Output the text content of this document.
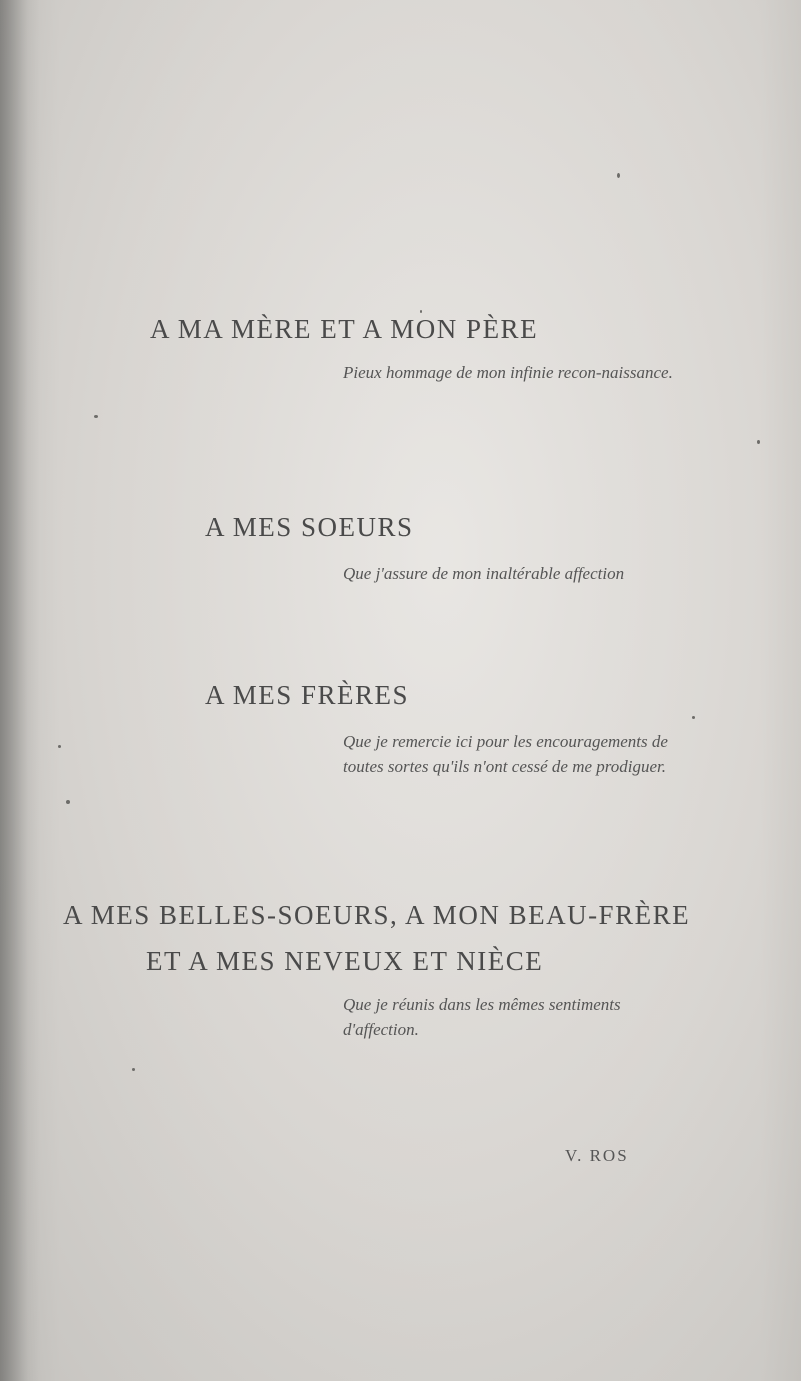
A MA MÈRE ET A MON PÈRE

Pieux hommage de mon infinie recon-naissance.

A MES SOEURS

Que j'assure de mon inaltérable affection

A MES FRÈRES

Que je remercie ici pour les encouragements de toutes sortes qu'ils n'ont cessé de me prodiguer.

A MES BELLES-SOEURS, A MON BEAU-FRÈRE
ET A MES NEVEUX ET NIÈCE

Que je réunis dans les mêmes sentiments d'affection.

V. ROS
